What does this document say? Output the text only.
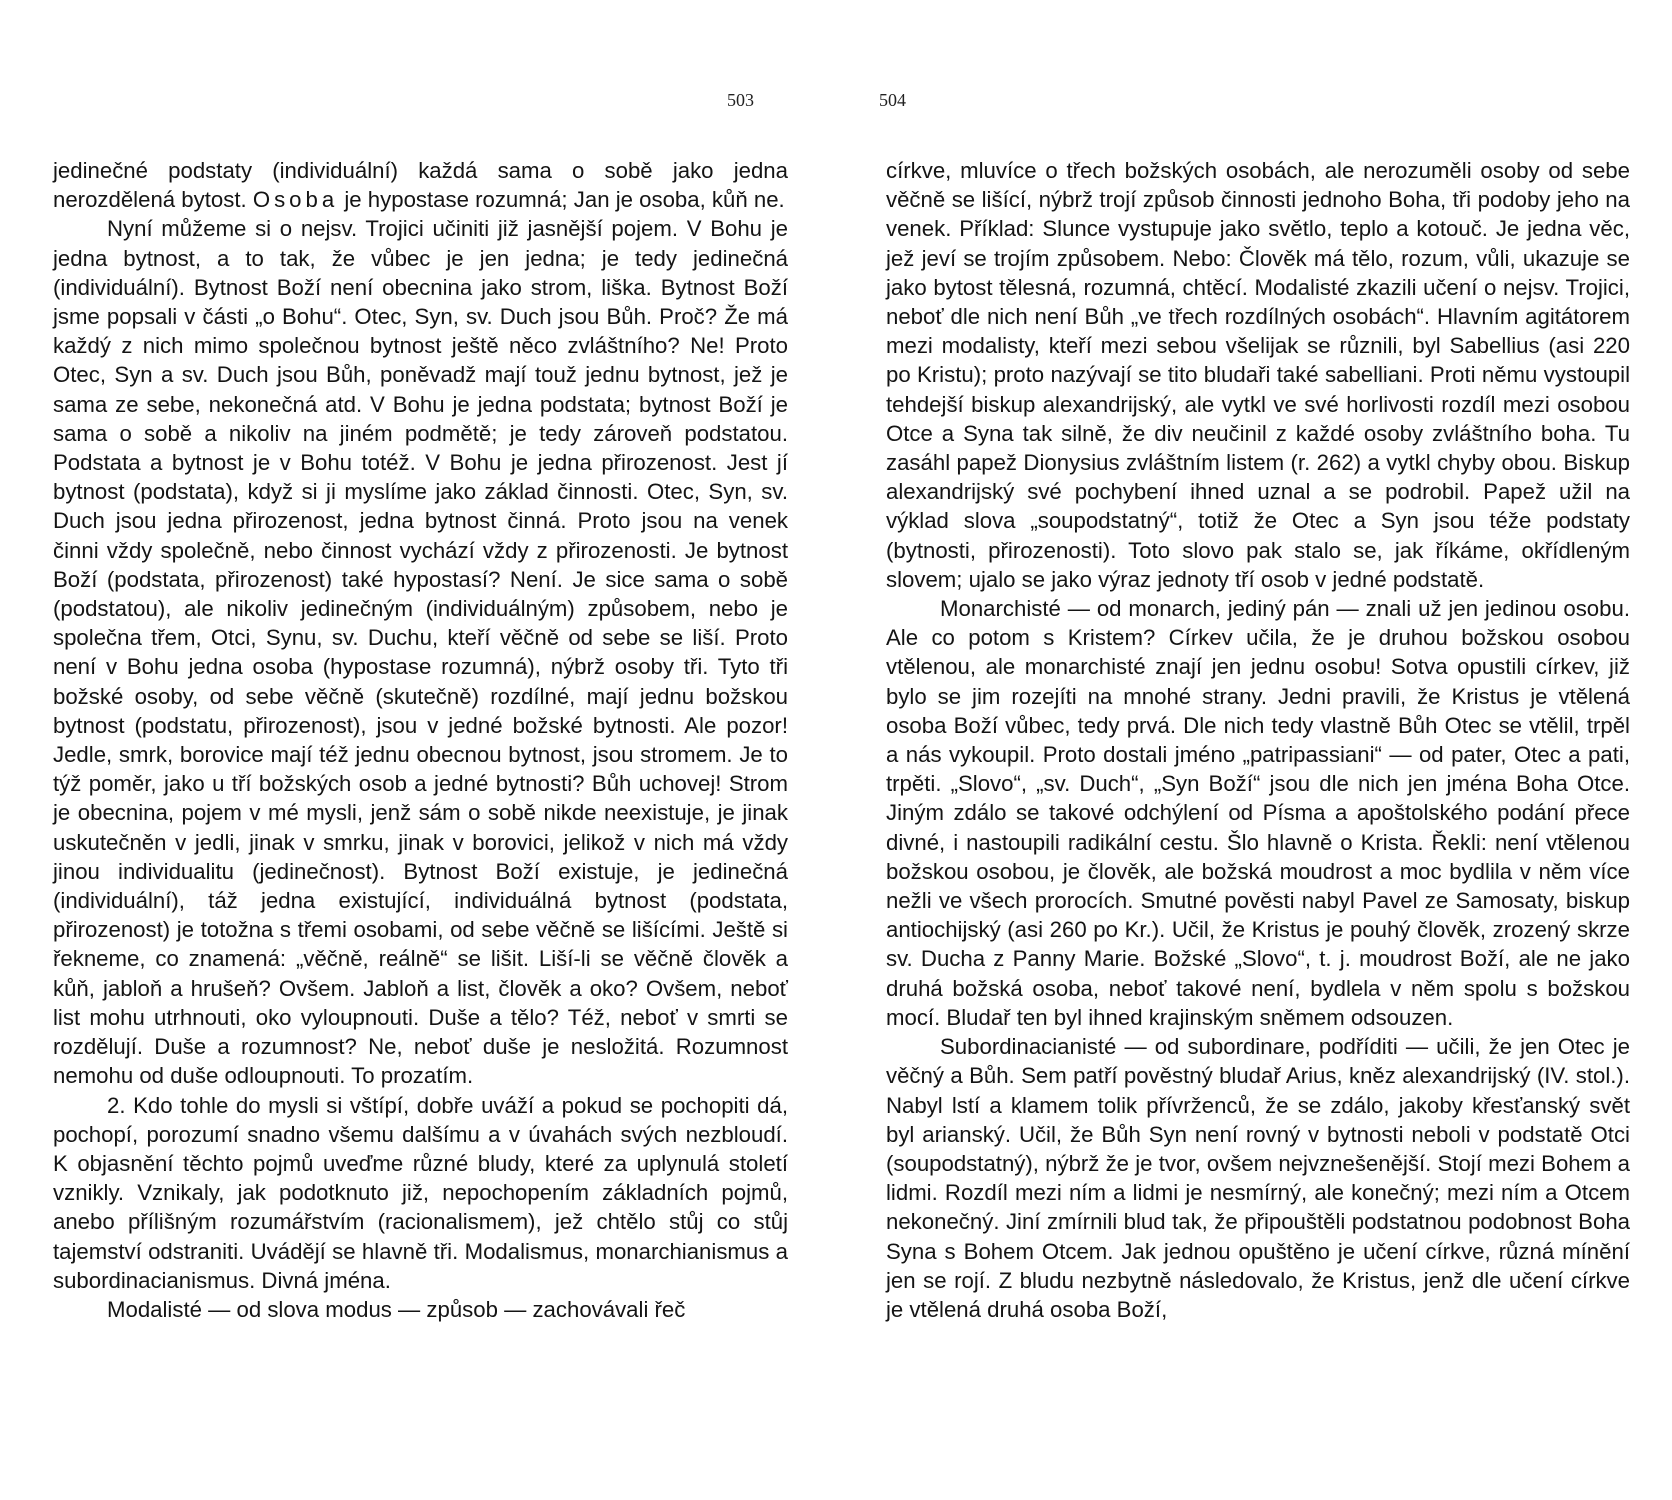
503	504

jedinečné podstaty (individuální) každá sama o sobě jako jedna nerozdělená bytost. Osoba je hypostase rozumná; Jan je osoba, kůň ne.

Nyní můžeme si o nejsv. Trojici učiniti již jasnější pojem. V Bohu je jedna bytnost, a to tak, že vůbec je jen jedna; je tedy jedinečná (individuální). Bytnost Boží není obecnina jako strom, liška. Bytnost Boží jsme popsali v části „o Bohu“. Otec, Syn, sv. Duch jsou Bůh. Proč? Že má každý z nich mimo společnou bytnost ještě něco zvláštního? Ne! Proto Otec, Syn a sv. Duch jsou Bůh, poněvadž mají touž jednu bytnost, jež je sama ze sebe, nekonečná atd. V Bohu je jedna podstata; bytnost Boží je sama o sobě a nikoliv na jiném podmětě; je tedy zároveň podstatou. Podstata a bytnost je v Bohu totéž. V Bohu je jedna přirozenost. Jest jí bytnost (podstata), když si ji myslíme jako základ činnosti. Otec, Syn, sv. Duch jsou jedna přirozenost, jedna bytnost činná. Proto jsou na venek činni vždy společně, nebo činnost vychází vždy z přirozenosti. Je bytnost Boží (podstata, přirozenost) také hypostasí? Není. Je sice sama o sobě (podstatou), ale nikoliv jedinečným (individuálným) způsobem, nebo je společna třem, Otci, Synu, sv. Duchu, kteří věčně od sebe se liší. Proto není v Bohu jedna osoba (hypostase rozumná), nýbrž osoby tři. Tyto tři božské osoby, od sebe věčně (skutečně) rozdílné, mají jednu božskou bytnost (podstatu, přirozenost), jsou v jedné božské bytnosti. Ale pozor! Jedle, smrk, borovice mají též jednu obecnou bytnost, jsou stromem. Je to týž poměr, jako u tří božských osob a jedné bytnosti? Bůh uchovej! Strom je obecnina, pojem v mé mysli, jenž sám o sobě nikde neexistuje, je jinak uskutečněn v jedli, jinak v smrku, jinak v borovici, jelikož v nich má vždy jinou individualitu (jedinečnost). Bytnost Boží existuje, je jedinečná (individuální), táž jedna existující, individuálná bytnost (podstata, přirozenost) je totožna s třemi osobami, od sebe věčně se lišícími. Ještě si řekneme, co znamená: „věčně, reálně“ se lišit. Liší-li se věčně člověk a kůň, jabloň a hrušeň? Ovšem. Jabloň a list, člověk a oko? Ovšem, neboť list mohu utrhnouti, oko vyloupnouti. Duše a tělo? Též, neboť v smrti se rozdělují. Duše a rozumnost? Ne, neboť duše je nesložitá. Rozumnost nemohu od duše odloupnouti. To prozatím.

2. Kdo tohle do mysli si vštípí, dobře uváží a pokud se pochopiti dá, pochopí, porozumí snadno všemu dalšímu a v úvahách svých nezbloudí. K objasnění těchto pojmů uveďme různé bludy, které za uplynulá století vznikly. Vznikaly, jak podotknuto již, nepochopením základních pojmů, anebo přílišným rozumářstvím (racionalismem), jež chtělo stůj co stůj tajemství odstraniti. Uvádějí se hlavně tři. Modalismus, monarchianismus a subordinacianismus. Divná jména.

Modalisté — od slova modus — způsob — zachovávali řeč

církve, mluvíce o třech božských osobách, ale nerozuměli osoby od sebe věčně se lišící, nýbrž trojí způsob činnosti jednoho Boha, tři podoby jeho na venek. Příklad: Slunce vystupuje jako světlo, teplo a kotouč. Je jedna věc, jež jeví se trojím způsobem. Nebo: Člověk má tělo, rozum, vůli, ukazuje se jako bytost tělesná, rozumná, chtěcí. Modalisté zkazili učení o nejsv. Trojici, neboť dle nich není Bůh „ve třech rozdílných osobách“. Hlavním agitátorem mezi modalisty, kteří mezi sebou všelijak se různili, byl Sabellius (asi 220 po Kristu); proto nazývají se tito bludaři také sabelliani. Proti němu vystoupil tehdejší biskup alexandrijský, ale vytkl ve své horlivosti rozdíl mezi osobou Otce a Syna tak silně, že div neučinil z každé osoby zvláštního boha. Tu zasáhl papež Dionysius zvláštním listem (r. 262) a vytkl chyby obou. Biskup alexandrijský své pochybení ihned uznal a se podrobil. Papež užil na výklad slova „soupodstatný“, totiž že Otec a Syn jsou téže podstaty (bytnosti, přirozenosti). Toto slovo pak stalo se, jak říkáme, okřídleným slovem; ujalo se jako výraz jednoty tří osob v jedné podstatě.

Monarchisté — od monarch, jediný pán — znali už jen jedinou osobu. Ale co potom s Kristem? Církev učila, že je druhou božskou osobou vtělenou, ale monarchisté znají jen jednu osobu! Sotva opustili církev, již bylo se jim rozejíti na mnohé strany. Jedni pravili, že Kristus je vtělená osoba Boží vůbec, tedy prvá. Dle nich tedy vlastně Bůh Otec se vtělil, trpěl a nás vykoupil. Proto dostali jméno „patripassiani“ — od pater, Otec a pati, trpěti. „Slovo“, „sv. Duch“, „Syn Boží“ jsou dle nich jen jména Boha Otce. Jiným zdálo se takové odchýlení od Písma a apoštolského podání přece divné, i nastoupili radikální cestu. Šlo hlavně o Krista. Řekli: není vtělenou božskou osobou, je člověk, ale božská moudrost a moc bydlila v něm více nežli ve všech prorocích. Smutné pověsti nabyl Pavel ze Samosaty, biskup antiochijský (asi 260 po Kr.). Učil, že Kristus je pouhý člověk, zrozený skrze sv. Ducha z Panny Marie. Božské „Slovo“, t. j. moudrost Boží, ale ne jako druhá božská osoba, neboť takové není, bydlela v něm spolu s božskou mocí. Bludař ten byl ihned krajinským sněmem odsouzen.

Subordinacianisté — od subordinare, podříditi — učili, že jen Otec je věčný a Bůh. Sem patří pověstný bludař Arius, kněz alexandrijský (IV. stol.). Nabyl lstí a klamem tolik přívrženců, že se zdálo, jakoby křesťanský svět byl arianský. Učil, že Bůh Syn není rovný v bytnosti neboli v podstatě Otci (soupodstatný), nýbrž že je tvor, ovšem nejvznešenější. Stojí mezi Bohem a lidmi. Rozdíl mezi ním a lidmi je nesmírný, ale konečný; mezi ním a Otcem nekonečný. Jiní zmírnili blud tak, že připouštěli podstatnou podobnost Boha Syna s Bohem Otcem. Jak jednou opuštěno je učení církve, různá mínění jen se rojí. Z bludu nezbytně následovalo, že Kristus, jenž dle učení církve je vtělená druhá osoba Boží,
